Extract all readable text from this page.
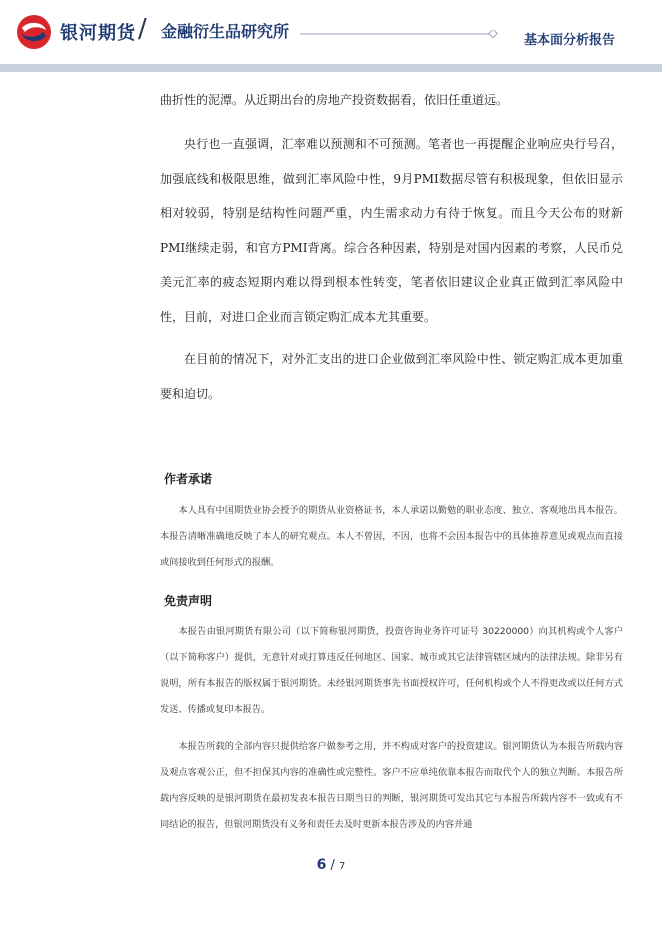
银河期货 / 金融衍生品研究所	基本面分析报告

曲折性的泥潭。从近期出台的房地产投资数据看，依旧任重道远。

央行也一直强调，汇率难以预测和不可预测。笔者也一再提醒企业响应央行号召，加强底线和极限思维，做到汇率风险中性，9月PMI数据尽管有积极现象，但依旧显示相对较弱，特别是结构性问题严重，内生需求动力有待于恢复。而且今天公布的财新PMI继续走弱，和官方PMI背离。综合各种因素，特别是对国内因素的考察，人民币兑美元汇率的疲态短期内难以得到根本性转变，笔者依旧建议企业真正做到汇率风险中性，目前，对进口企业而言锁定购汇成本尤其重要。

在目前的情况下，对外汇支出的进口企业做到汇率风险中性、锁定购汇成本更加重要和迫切。

作者承诺

本人具有中国期货业协会授予的期货从业资格证书，本人承诺以勤勉的职业态度、独立、客观地出具本报告。本报告清晰准确地反映了本人的研究观点。本人不曾因，不因，也将不会因本报告中的具体推荐意见或观点而直接或间接收到任何形式的报酬。

免责声明

本报告由银河期货有限公司（以下简称银河期货，投资咨询业务许可证号 30220000）向其机构或个人客户（以下简称客户）提供，无意针对或打算违反任何地区、国家、城市或其它法律管辖区域内的法律法规。除非另有说明，所有本报告的版权属于银河期货。未经银河期货事先书面授权许可，任何机构或个人不得更改或以任何方式发送、传播或复印本报告。

本报告所载的全部内容只提供给客户做参考之用，并不构成对客户的投资建议。银河期货认为本报告所载内容及观点客观公正，但不担保其内容的准确性或完整性。客户不应单纯依靠本报告而取代个人的独立判断。本报告所载内容反映的是银河期货在最初发表本报告日期当日的判断，银河期货可发出其它与本报告所载内容不一致或有不同结论的报告，但银河期货没有义务和责任去及时更新本报告涉及的内容并通

6 / 7
